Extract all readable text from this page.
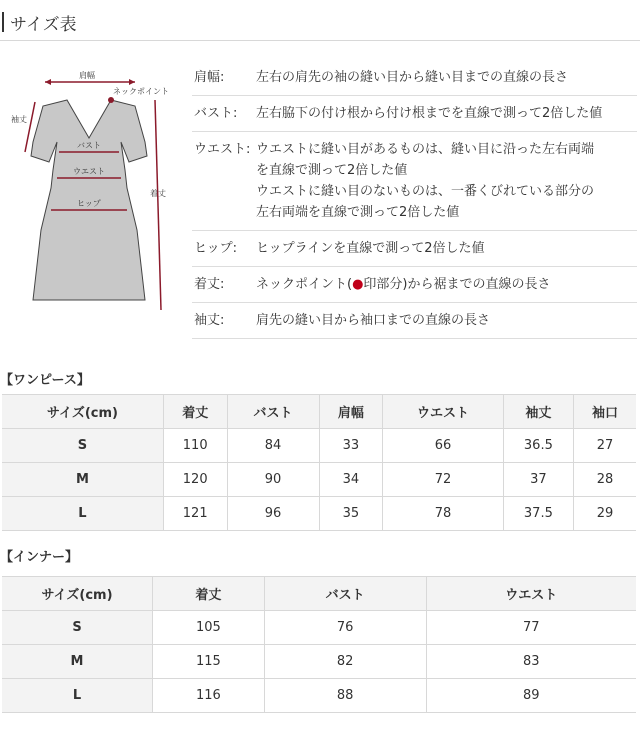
サイズ表
肩幅
ネックポイント
袖丈
バスト
ウエスト
ヒップ
着丈
肩幅:	左右の肩先の袖の縫い目から縫い目までの直線の長さ
バスト:	左右脇下の付け根から付け根までを直線で測って2倍した値
ウエスト: ウエストに縫い目があるものは、縫い目に沿った左右両端
を直線で測って2倍した値
ウエストに縫い目のないものは、一番くびれている部分の
左右両端を直線で測って2倍した値
ヒップ:	ヒップラインを直線で測って2倍した値
着丈:	ネックポイント(●印部分)から裾までの直線の長さ
袖丈:	肩先の縫い目から袖口までの直線の長さ
【ワンピース】
サイズ(cm)	着丈	バスト	肩幅	ウエスト	袖丈	袖口
S	110	84	33	66	36.5	27
M	120	90	34	72	37	28
L	121	96	35	78	37.5	29
【インナー】
サイズ(cm)	着丈	バスト	ウエスト
S	105	76	77
M	115	82	83
L	116	88	89
